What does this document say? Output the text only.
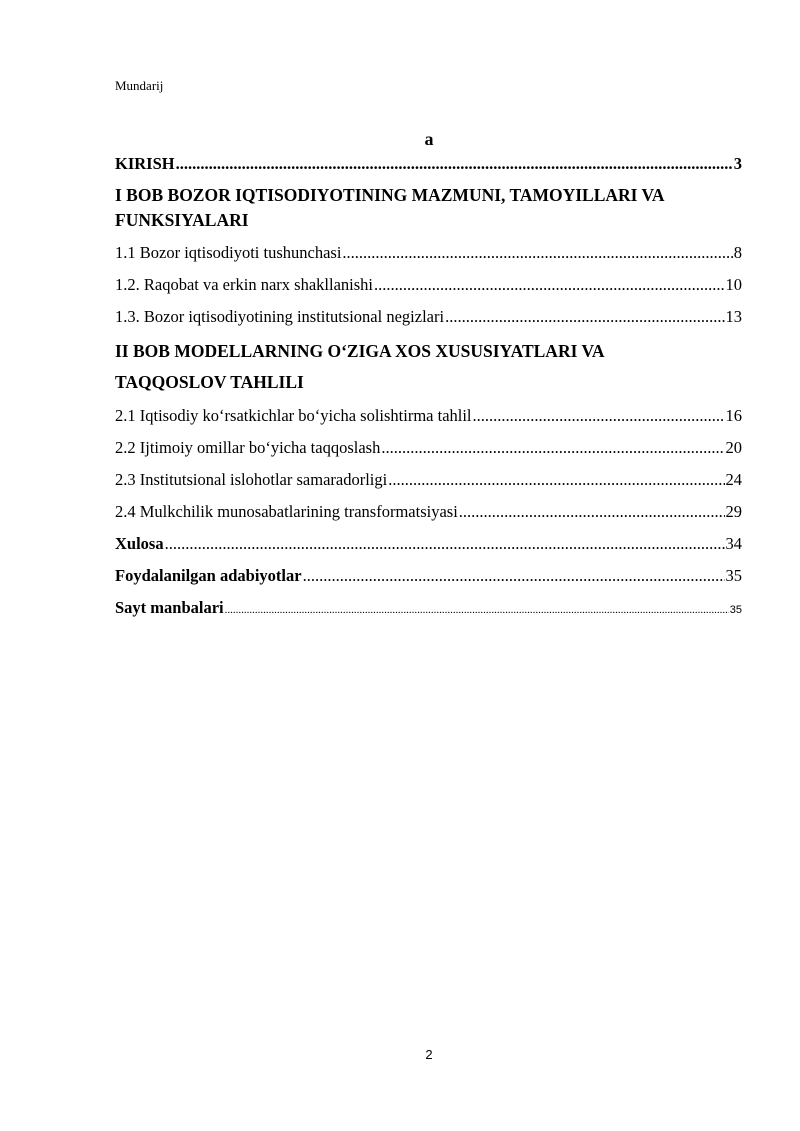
Mundarij
a
KIRISH .....	3
I BOB BOZOR IQTISODIYOTINING MAZMUNI, TAMOYILLARI VA
FUNKSIYALARI
1.1 Bozor iqtisodiyoti tushunchasi .....	8
1.2. Raqobat va erkin narx shakllanishi .....	10
1.3. Bozor iqtisodiyotining institutsional negizlari .....	13
II BOB MODELLARNING O‘ZIGA XOS XUSUSIYATLARI VA
TAQQOSLOV TAHLILI
2.1 Iqtisodiy ko‘rsatkichlar bo‘yicha solishtirma tahlil .....	16
2.2 Ijtimoiy omillar bo‘yicha taqqoslash .....	20
2.3 Institutsional islohotlar samaradorligi .....	24
2.4 Mulkchilik munosabatlarining transformatsiyasi .....	29
Xulosa .....	34
Foydalanilgan adabiyotlar .....	35
Sayt manbalari .....	35
2
